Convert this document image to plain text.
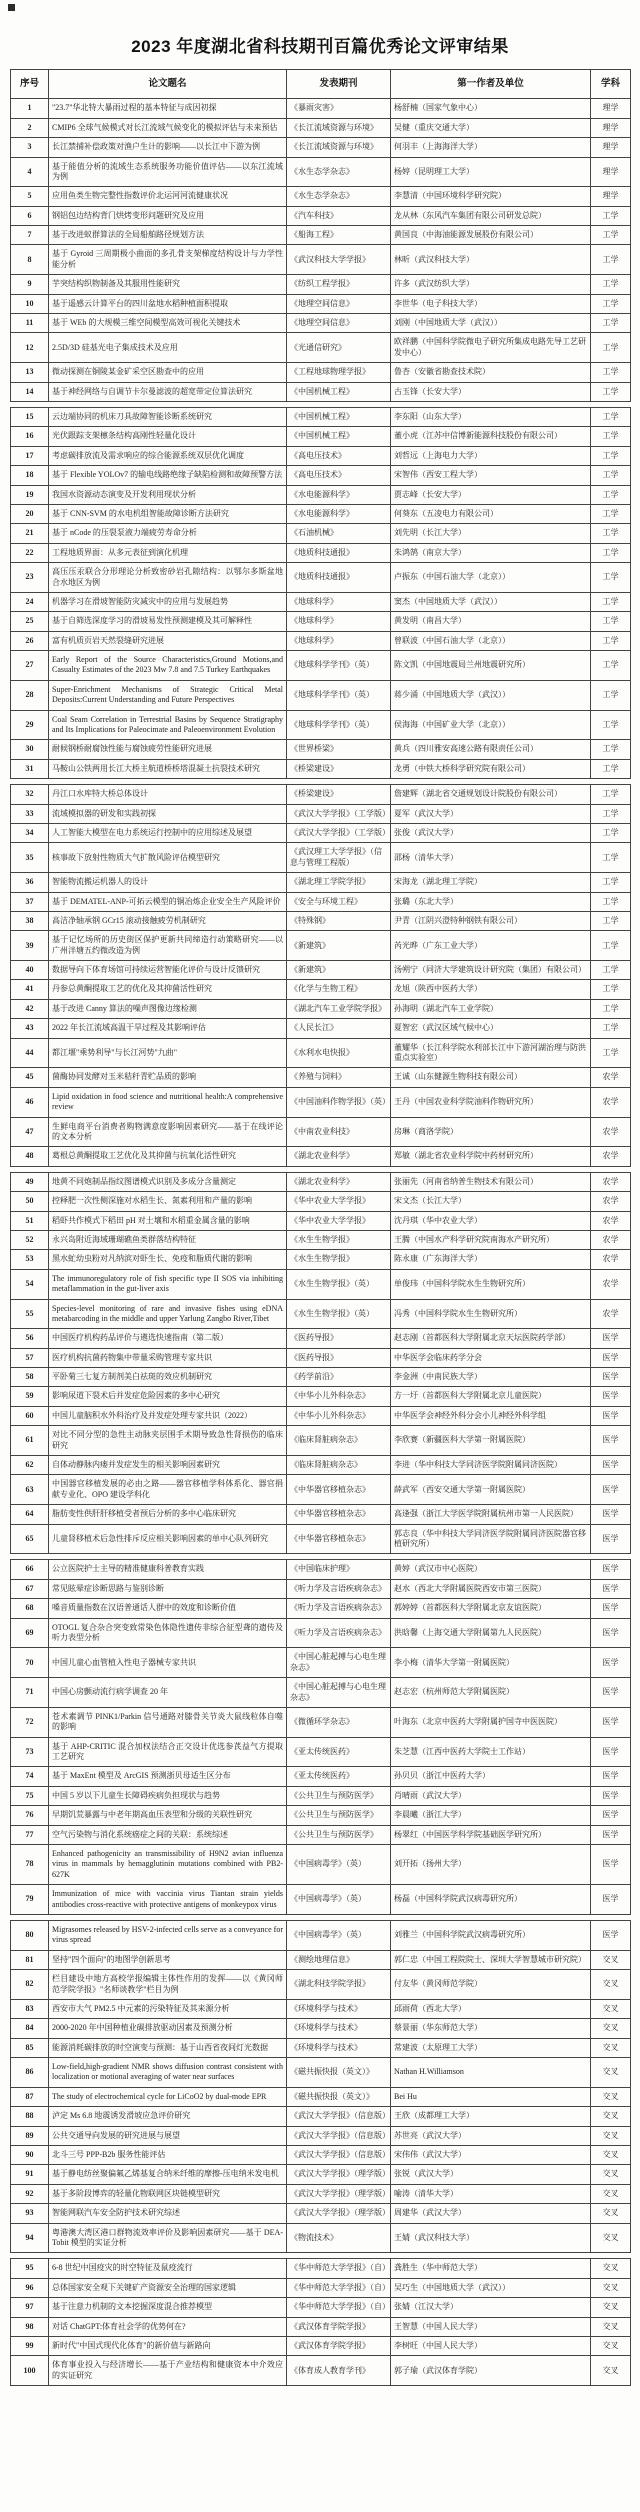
2023 年度湖北省科技期刊百篇优秀论文评审结果
序号	论文题名	发表期刊	第一作者及单位	学科
1	"23.7"华北特大暴雨过程的基本特征与成因初探	《暴雨灾害》	杨舒楠（国家气象中心）	理学
2	CMIP6 全球气候模式对长江流域气候变化的模拟评估与未来预估	《长江流域资源与环境》	吴健（重庆交通大学）	理学
3	长江禁捕补偿政策对渔户生计的影响——以长江中下游为例	《长江流域资源与环境》	何羽丰（上海海洋大学）	理学
4	基于能值分析的流域生态系统服务功能价值评估——以东江流域为例	《水生态学杂志》	杨婷（昆明理工大学）	理学
5	应用鱼类生物完整性指数评价北运河河流健康状况	《水生态学杂志》	李慧清（中国环境科学研究院）	理学
6	钢铝包边结构背门烘烤变形问题研究及应用	《汽车科技》	龙从林（东风汽车集团有限公司研发总院）	工学
7	基于改进蚁群算法的全局船舶路径规划方法	《船海工程》	黄国良（中海油能源发展股份有限公司）	工学
8	基于 Gyroid 三周期极小曲面的多孔骨支架梯度结构设计与力学性能分析	《武汉科技大学学报》	林昕（武汉科技大学）	工学
9	芋突结构织物制备及其服用性能研究	《纺织工程学报》	许多（武汉纺织大学）	工学
10	基于遥感云计算平台的四川盆地水稻种植面积提取	《地理空间信息》	李世华（电子科技大学）	工学
11	基于 WEb 的大规模三维空间模型高效可视化关键技术	《地理空间信息》	刘刚（中国地质大学（武汉））	工学
12	2.5D/3D 硅基光电子集成技术及应用	《光通信研究》	欧祥鹏（中国科学院微电子研究所集成电路先导工艺研发中心）	工学
13	微动探测在铜陵某金矿采空区勘查中的应用	《工程地球物理学报》	鲁杏（安徽省勘查技术院）	工学
14	基于神经网络与自调节卡尔曼滤波的超宽带定位算法研究	《中国机械工程》	古玉锋（长安大学）	工学

15	云边端协同的机床刀具故障智能诊断系统研究	《中国机械工程》	李东阳（山东大学）	工学
16	光伏跟踪支架檩条结构高刚性轻量化设计	《中国机械工程》	董小虎（江苏中信博新能源科技股份有限公司）	工学
17	考虑碳排放流及需求响应的综合能源系统双层优化调度	《高电压技术》	刘哲远（上海电力大学）	工学
18	基于 Flexible YOLOv7 的输电线路绝缘子缺陷检测和故障预警方法	《高电压技术》	宋智伟（西安工程大学）	工学
19	我国水资源动态演变及开发利用现状分析	《水电能源科学》	贾志峰（长安大学）	工学
20	基于 CNN-SVM 的水电机组智能故障诊断方法研究	《水电能源科学》	何葵东（五凌电力有限公司）	工学
21	基于 nCode 的压裂泵液力端疲劳寿命分析	《石油机械》	刘先明（长江大学）	工学
22	工程地质界面：从多元表征到演化机理	《地质科技通报》	朱鸿鹄（南京大学）	工学
23	高压压汞联合分形理论分析致密砂岩孔隙结构：以鄂尔多斯盆地合水地区为例	《地质科技通报》	卢振东（中国石油大学（北京））	工学
24	机器学习在滑坡智能防灾减灾中的应用与发展趋势	《地球科学》	窦杰（中国地质大学（武汉））	工学
25	基于自筛选深度学习的滑坡易发性预测建模及其可解释性	《地球科学》	黄发明（南昌大学）	工学
26	富有机质页岩天然裂缝研究进展	《地球科学》	曾联波（中国石油大学（北京））	工学
27	Early Report of the Source Characteristics,Ground Motions,and Casualty Estimates of the 2023 Mw 7.8 and 7.5 Turkey Earthquakes	《地球科学学刊》（英）	陈文凯（中国地震局兰州地震研究所）	工学
28	Super-Enrichment Mechanisms of Strategic Critical Metal Deposits:Current Understanding and Future Perspectives	《地球科学学刊》（英）	蒋少涌（中国地质大学（武汉））	工学
29	Coal Seam Correlation in Terrestrial Basins by Sequence Stratigraphy and Its Implications for Paleocimate and Paleoenvironment Evolution	《地球科学学刊》（英）	侯海海（中国矿业大学（北京））	工学
30	耐候钢桥耐腐蚀性能与腐蚀疲劳性能研究进展	《世界桥梁》	黄兵（四川雅安高速公路有限责任公司）	工学
31	马鞍山公铁两用长江大桥主航道桥桥塔混凝土抗裂技术研究	《桥梁建设》	龙勇（中铁大桥科学研究院有限公司）	工学

32	丹江口水库特大桥总体设计	《桥梁建设》	詹建辉（湖北省交通规划设计院股份有限公司）	工学
33	流域模拟器的研发和实践初探	《武汉大学学报》（工学版）	夏军（武汉大学）	工学
34	人工智能大模型在电力系统运行控制中的应用综述及展望	《武汉大学学报》（工学版）	张俊（武汉大学）	工学
35	核事故下放射性物质大气扩散风险评估模型研究	《武汉理工大学学报》（信息与管理工程版）	邵杨（清华大学）	工学
36	智能物流搬运机器人的设计	《湖北理工学院学报》	宋海龙（湖北理工学院）	工学
37	基于 DEMATEL-ANP-可拓云模型的铜冶炼企业安全生产风险评价	《安全与环境工程》	张璐（东北大学）	工学
38	高洁净轴承钢 GCr15 滚动接触疲劳机制研究	《特殊钢》	尹青（江阴兴澄特种钢铁有限公司）	工学
39	基于记忆场所的历史街区保护更新共同缔造行动策略研究——以广州泮塘五约微改造为例	《新建筑》	芮光晔（广东工业大学）	工学
40	数据导向下体育场馆可持续运营智能化评价与设计反馈研究	《新建筑》	汤朔宁（同济大学建筑设计研究院（集团）有限公司）	工学
41	丹参总黄酮提取工艺的优化及其抑菌活性研究	《化学与生物工程》	龙旭（陕西中医药大学）	工学
42	基于改进 Canny 算法的噪声图像边缘检测	《湖北汽车工业学院学报》	孙海明（湖北汽车工业学院）	工学
43	2022 年长江流域高温干旱过程及其影响评估	《人民长江》	夏智宏（武汉区域气候中心）	工学
44	都江堰"乘势利导"与长江河势"九曲"	《水利水电快报》	董耀华（长江科学院水利部长江中下游河湖治理与防洪重点实验室）	工学
45	菌酶协同发酵对玉米秸秆青贮品质的影响	《养殖与饲料》	王诚（山东健源生物科技有限公司）	农学
46	Lipid oxidation in food science and nutritional health:A comprehensive review	《中国油料作物学报》（英）	王丹（中国农业科学院油料作物研究所）	农学
47	生鲜电商平台消费者购物满意度影响因素研究——基于在线评论的文本分析	《中南农业科技》	房琳（商洛学院）	农学
48	葛根总黄酮提取工艺优化及其抑菌与抗氧化活性研究	《湖北农业科学》	郑敏（湖北省农业科学院中药材研究所）	农学

49	地黄不同炮制品指纹图谱模式识别及多成分含量测定	《湖北农业科学》	张丽先（河南省纳普生物技术有限公司）	农学
50	控释肥一次性侧深施对水稻生长、氮素利用和产量的影响	《华中农业大学学报》	宋文杰（长江大学）	农学
51	稻虾共作模式下稻田 pH 对土壤和水稻重金属含量的影响	《华中农业大学学报》	沈丹琪（华中农业大学）	农学
52	永兴岛附近海域珊瑚礁鱼类群落结构特征	《水生生物学报》	王腾（中国水产科学研究院南海水产研究所）	农学
53	黑水虻幼虫粉对凡纳滨对虾生长、免疫和脂质代谢的影响	《水生生物学报》	陈永康（广东海洋大学）	农学
54	The immunoregulatory role of fish specific type II SOS via inhibiting metaflammation in the gut-liver axis	《水生生物学报》（英）	单俊玮（中国科学院水生生物研究所）	农学
55	Species-level monitoring of rare and invasive fishes using eDNA metabarcoding in the middle and upper Yarlung Zangbo River,Tibet	《水生生物学报》（英）	冯秀（中国科学院水生生物研究所）	农学
56	中国医疗机构药品评价与遴选快速指南（第二版）	《医药导报》	赵志刚（首都医科大学附属北京天坛医院药学部）	医学
57	医疗机构抗菌药物集中带量采购管理专家共识	《医药导报》	中华医学会临床药学分会	医学
58	平卧菊三七复方制剂美白祛斑的效应机制研究	《药学前沿》	李金洲（中南民族大学）	医学
59	影响尿道下裂术后并发症危险因素的多中心研究	《中华小儿外科杂志》	方一圩（首都医科大学附属北京儿童医院）	医学
60	中国儿童脑积水外科治疗及并发症处理专家共识（2022）	《中华小儿外科杂志》	中华医学会神经外科分会小儿神经外科学组	医学
61	对比不同分型的急性主动脉夹层围手术期导致急性肾损伤的临床研究	《临床肾脏病杂志》	李欣赛（新疆医科大学第一附属医院）	医学
62	自体动静脉内瘘并发症发生的相关影响因素研究	《临床肾脏病杂志》	李进（华中科技大学同济医学院附属同济医院）	医学
63	中国器官移植发展的必由之路——器官移植学科体系化、器官捐献专业化、OPO 建设学科化	《中华器官移植杂志》	薛武军（西安交通大学第一附属医院）	医学
64	脂肪变性供肝肝移植受者预后分析的多中心临床研究	《中华器官移植杂志》	高逢强（浙江大学医学院附属杭州市第一人民医院）	医学
65	儿童肾移植术后急性排斥反应相关影响因素的单中心队列研究	《中华器官移植杂志》	郭志良（华中科技大学同济医学院附属同济医院器官移植研究所）	医学

66	公立医院护士主导的精准健康科普教育实践	《中国临床护理》	黄婷（武汉市中心医院）	医学
67	常见眩晕症诊断思路与鉴别诊断	《听力学及言语疾病杂志》	赵水（西北大学附属医院西安市第三医院）	医学
68	嗓音质量指数在汉语普通话人群中的效度和诊断价值	《听力学及言语疾病杂志》	郭婷婷（首都医科大学附属北京友谊医院）	医学
69	OTOGL 复合杂合突变致常染色体隐性遗传非综合征型聋的遗传及听力表型分析	《听力学及言语疾病杂志》	洪晗馨（上海交通大学附属第九人民医院）	医学
70	中国儿童心血管植入性电子器械专家共识	《中国心脏起搏与心电生理杂志》	李小梅（清华大学第一附属医院）	医学
71	中国心房颤动流行病学调查 20 年	《中国心脏起搏与心电生理杂志》	赵志宏（杭州师范大学附属医院）	医学
72	苍术素调节 PINK1/Parkin 信号通路对膝骨关节炎大鼠线粒体自噬的影响	《微循环学杂志》	叶海东（北京中医药大学附属护国寺中医医院）	医学
73	基于 AHP-CRITIC 混合加权法结合正交设计优选参芪益气方提取工艺研究	《亚太传统医药》	朱芝慧（江西中医药大学院士工作站）	医学
74	基于 MaxEnt 模型及 ArcGIS 预测浙贝母适生区分布	《亚太传统医药》	孙贝贝（浙江中医药大学）	医学
75	中国 5 岁以下儿童生长障碍疾病负担现状与趋势	《公共卫生与预防医学》	肖晴雨（武汉大学）	医学
76	早期饥荒暴露与中老年期高血压表型和分级的关联性研究	《公共卫生与预防医学》	李晨曦（浙江大学）	医学
77	空气污染物与消化系统癌症之间的关联：系统综述	《公共卫生与预防医学》	杨翠红（中国医学科学院基础医学研究所）	医学
78	Enhanced pathogenicity an transmissibility of H9N2 avian influenza virus in mammals by hemagglutinin mutations combined with PB2-627K	《中国病毒学》（英）	刘开拓（扬州大学）	医学
79	Immunization of mice with vaccinia virus Tiantan strain yields antibodies cross-reactive with protective antigens of monkeypox virus	《中国病毒学》（英）	杨磊（中国科学院武汉病毒研究所）	医学

80	Migrasomes released by HSV-2-infected cells serve as a conveyance for virus spread	《中国病毒学》（英）	刘雅兰（中国科学院武汉病毒研究所）	医学
81	坚持"四个面向"的地图学创新思考	《测绘地理信息》	郭仁忠（中国工程院院士、深圳大学智慧城市研究院）	交叉
82	栏目建设中地方高校学报编辑主体性作用的发挥——以《黄冈师范学院学报》"名师谈教学"栏目为例	《湖北科技学院学报》	付友华（黄冈师范学院）	交叉
83	西安市大气 PM2.5 中元素的污染特征及其来源分析	《环境科学与技术》	邱雨荷（西北大学）	交叉
84	2000-2020 年中国种植业碳排放驱动因素及预测分析	《环境科学与技术》	蔡景丽（华东师范大学）	交叉
85	能源消耗碳排放的时空演变与预测：基于山西省夜间灯光数据	《环境科学与技术》	常建波（太原理工大学）	交叉
86	Low-field,high-gradient NMR shows diffusion contrast consistent with localization or motional averaging of water near surfaces	《磁共振快报（英文）》	Nathan H.Williamson	交叉
87	The study of electrochemical cycle for LiCoO2 by dual-mode EPR	《磁共振快报（英文）》	Bei Hu	交叉
88	泸定 Ms 6.8 地震诱发滑坡应急评价研究	《武汉大学学报》（信息版）	王欣（成都理工大学）	交叉
89	公共交通导向发展的研究进展与展望	《武汉大学学报》（信息版）	苏世亮（武汉大学）	交叉
90	北斗三号 PPP-B2b 服务性能评估	《武汉大学学报》（信息版）	宋伟伟（武汉大学）	交叉
91	基于静电纺丝聚偏氟乙烯基复合纳米纤维的摩擦-压电纳米发电机	《武汉大学学报》（理学版）	张锐（武汉大学）	交叉
92	基于多阶段博弈的轻量化物联网区块链模型研究	《武汉大学学报》（理学版）	喻涛（清华大学）	交叉
93	智能网联汽车安全防护技术研究综述	《武汉大学学报》（理学版）	周建华（武汉大学）	交叉
94	粤港澳大湾区港口群物流效率评价及影响因素研究——基于 DEA-Tobit 模型的实证分析	《物流技术》	王婧（武汉科技大学）	交叉

95	6-8 世纪中国疫灾的时空特征及鼠疫流行	《华中师范大学学报》（自）	龚胜生（华中师范大学）	交叉
96	总体国家安全观下关键矿产资源安全治理的国家逻辑	《华中师范大学学报》（自）	吴巧生（中国地质大学（武汉））	交叉
97	基于注意力机制的文本挖掘深度混合推荐模型	《华中师范大学学报》（自）	张婧（江汉大学）	交叉
98	对话 ChatGPT:体育社会学的优势何在?	《武汉体育学院学报》	王智慧（中国人民大学）	交叉
99	新时代"中国式现代化体育"的新价值与新路向	《武汉体育学院学报》	李树旺（中国人民大学）	交叉
100	体育事业投入与经济增长——基于产业结构和健康资本中介效应的实证研究	《体育成人教育学刊》	郭子瑜（武汉体育学院）	交叉
